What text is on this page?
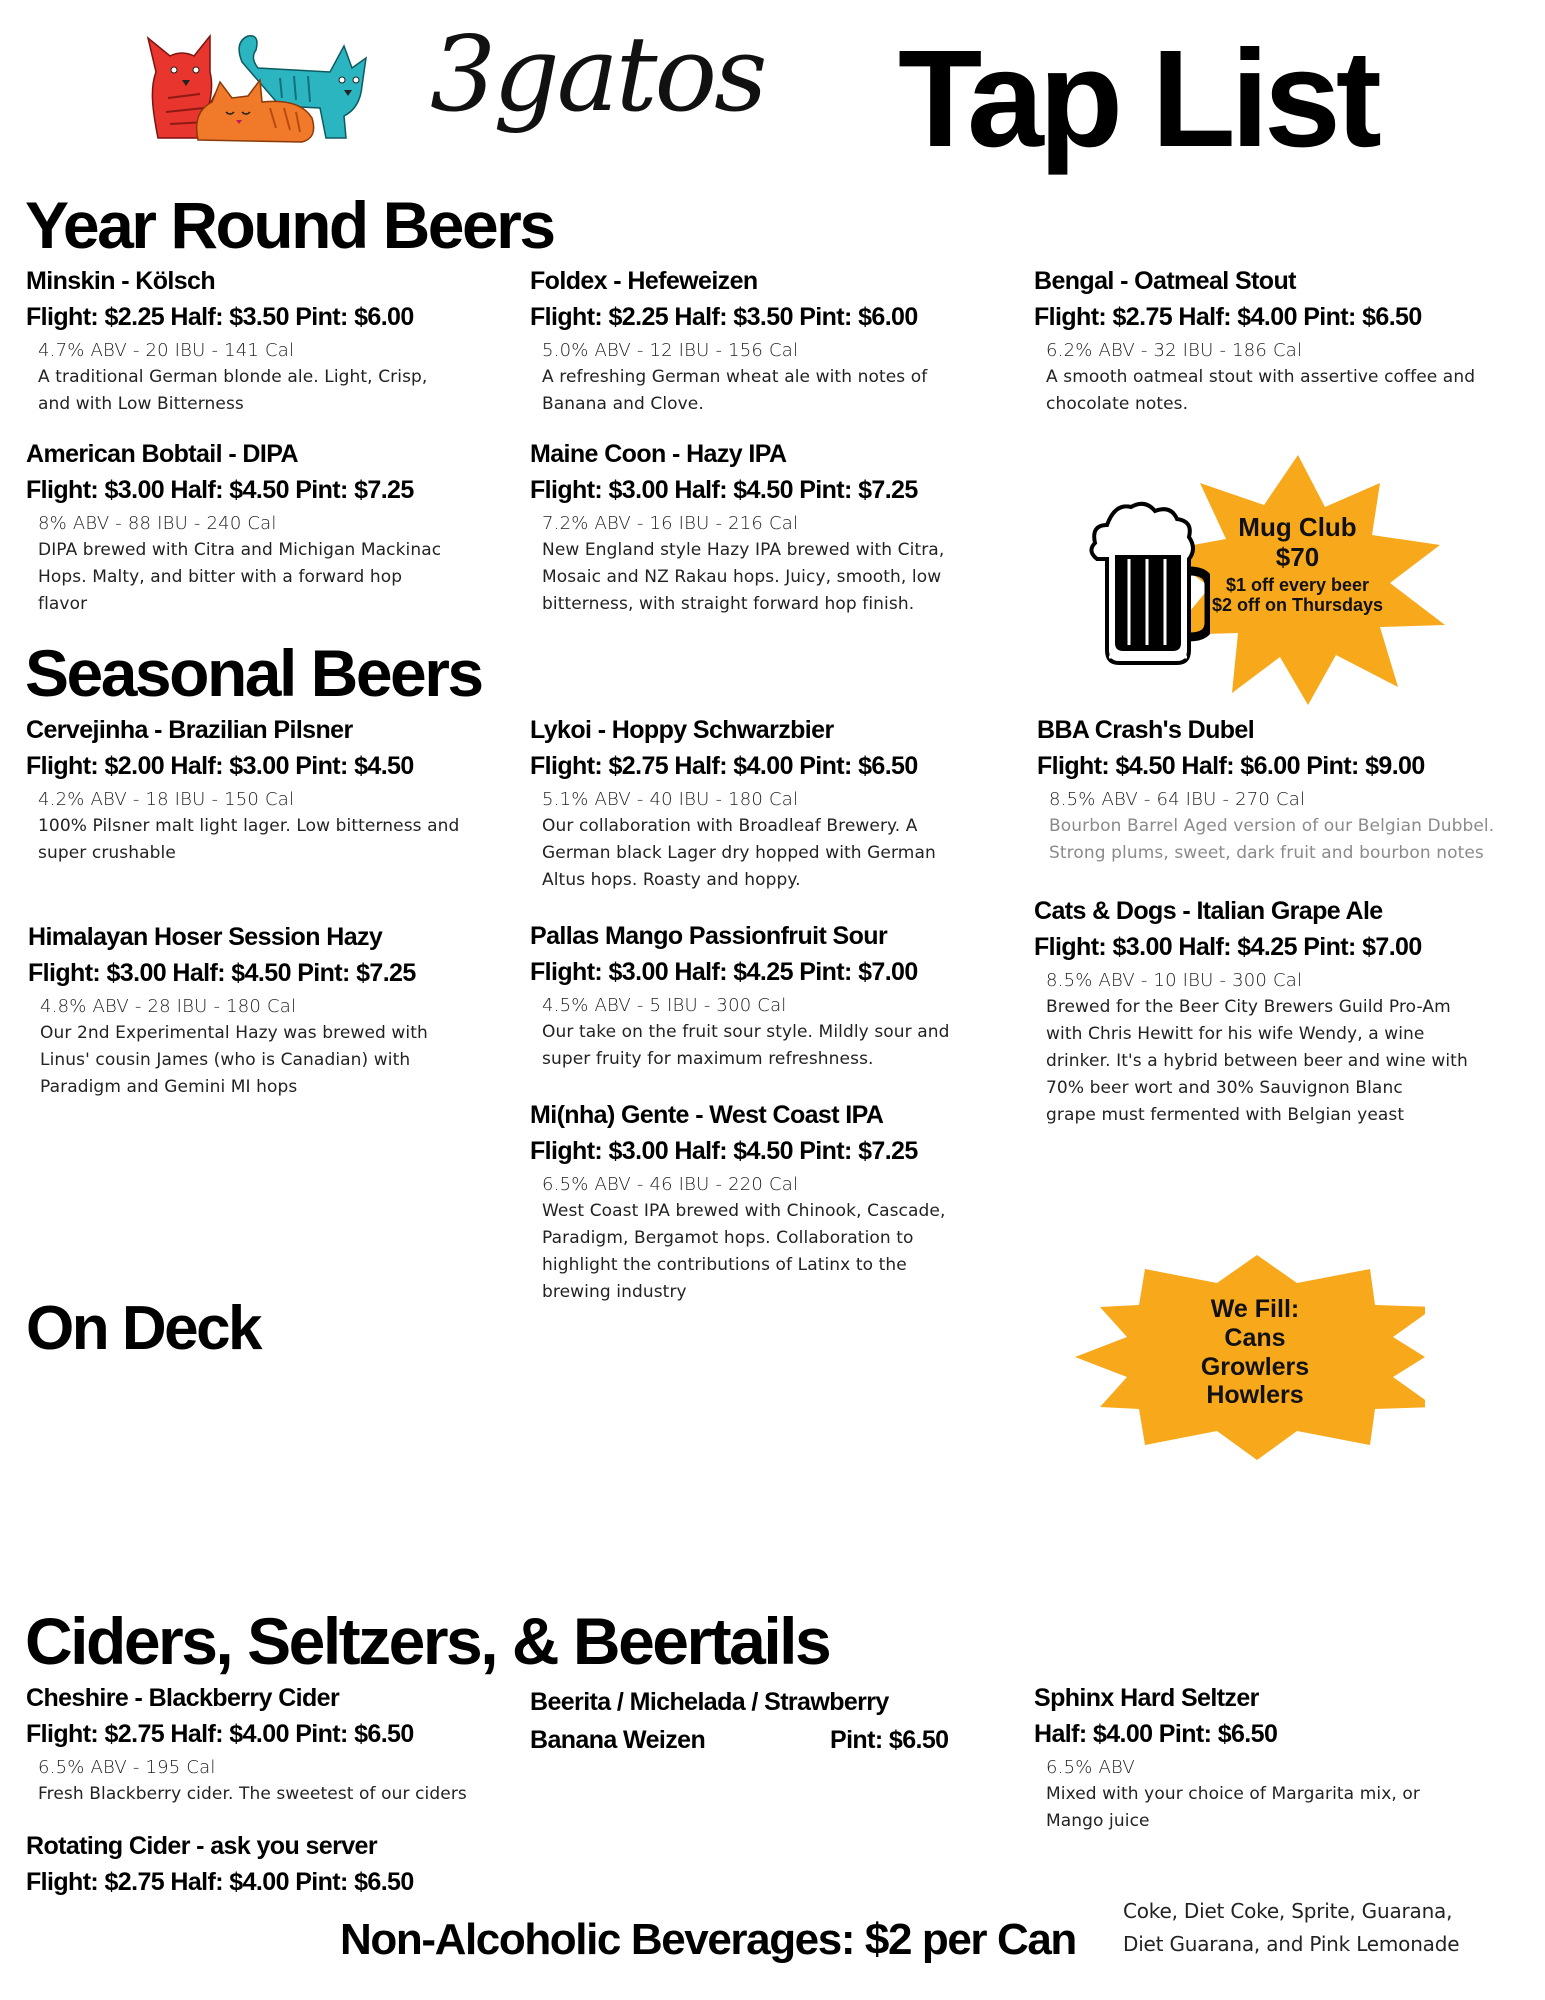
3gatos Tap List
Year Round Beers
Minskin - Kölsch
Flight: $2.25 Half: $3.50 Pint: $6.00
4.7% ABV - 20 IBU - 141 Cal
A traditional German blonde ale. Light, Crisp,
and with Low Bitterness
Foldex - Hefeweizen
Flight: $2.25 Half: $3.50 Pint: $6.00
5.0% ABV - 12 IBU - 156 Cal
A refreshing German wheat ale with notes of
Banana and Clove.
Bengal - Oatmeal Stout
Flight: $2.75 Half: $4.00 Pint: $6.50
6.2% ABV - 32 IBU - 186 Cal
A smooth oatmeal stout with assertive coffee and
chocolate notes.
American Bobtail - DIPA
Flight: $3.00 Half: $4.50 Pint: $7.25
8% ABV - 88 IBU - 240 Cal
DIPA brewed with Citra and Michigan Mackinac
Hops. Malty, and bitter with a forward hop
flavor
Maine Coon - Hazy IPA
Flight: $3.00 Half: $4.50 Pint: $7.25
7.2% ABV - 16 IBU - 216 Cal
New England style Hazy IPA brewed with Citra,
Mosaic and NZ Rakau hops. Juicy, smooth, low
bitterness, with straight forward hop finish.
Mug Club
$70
$1 off every beer
$2 off on Thursdays
Seasonal Beers
Cervejinha - Brazilian Pilsner
Flight: $2.00 Half: $3.00 Pint: $4.50
4.2% ABV - 18 IBU - 150 Cal
100% Pilsner malt light lager. Low bitterness and
super crushable
Lykoi - Hoppy Schwarzbier
Flight: $2.75 Half: $4.00 Pint: $6.50
5.1% ABV - 40 IBU - 180 Cal
Our collaboration with Broadleaf Brewery. A
German black Lager dry hopped with German
Altus hops. Roasty and hoppy.
BBA Crash's Dubel
Flight: $4.50 Half: $6.00 Pint: $9.00
8.5% ABV - 64 IBU - 270 Cal
Bourbon Barrel Aged version of our Belgian Dubbel.
Strong plums, sweet, dark fruit and bourbon notes
Himalayan Hoser Session Hazy
Flight: $3.00 Half: $4.50 Pint: $7.25
4.8% ABV - 28 IBU - 180 Cal
Our 2nd Experimental Hazy was brewed with
Linus' cousin James (who is Canadian) with
Paradigm and Gemini MI hops
Pallas Mango Passionfruit Sour
Flight: $3.00 Half: $4.25 Pint: $7.00
4.5% ABV - 5 IBU - 300 Cal
Our take on the fruit sour style. Mildly sour and
super fruity for maximum refreshness.
Cats & Dogs - Italian Grape Ale
Flight: $3.00 Half: $4.25 Pint: $7.00
8.5% ABV - 10 IBU - 300 Cal
Brewed for the Beer City Brewers Guild Pro-Am
with Chris Hewitt for his wife Wendy, a wine
drinker. It's a hybrid between beer and wine with
70% beer wort and 30% Sauvignon Blanc
grape must fermented with Belgian yeast
Mi(nha) Gente - West Coast IPA
Flight: $3.00 Half: $4.50 Pint: $7.25
6.5% ABV - 46 IBU - 220 Cal
West Coast IPA brewed with Chinook, Cascade,
Paradigm, Bergamot hops. Collaboration to
highlight the contributions of Latinx to the
brewing industry
On Deck	We Fill:
Cans
Growlers
Howlers
Ciders, Seltzers, & Beertails
Cheshire - Blackberry Cider
Flight: $2.75 Half: $4.00 Pint: $6.50
6.5% ABV - 195 Cal
Fresh Blackberry cider. The sweetest of our ciders
Rotating Cider - ask you server
Flight: $2.75 Half: $4.00 Pint: $6.50
Beerita / Michelada / Strawberry
Banana Weizen	Pint: $6.50
Sphinx Hard Seltzer
Half: $4.00 Pint: $6.50
6.5% ABV
Mixed with your choice of Margarita mix, or
Mango juice
Non-Alcoholic Beverages: $2 per Can
Coke, Diet Coke, Sprite, Guarana,
Diet Guarana, and Pink Lemonade
